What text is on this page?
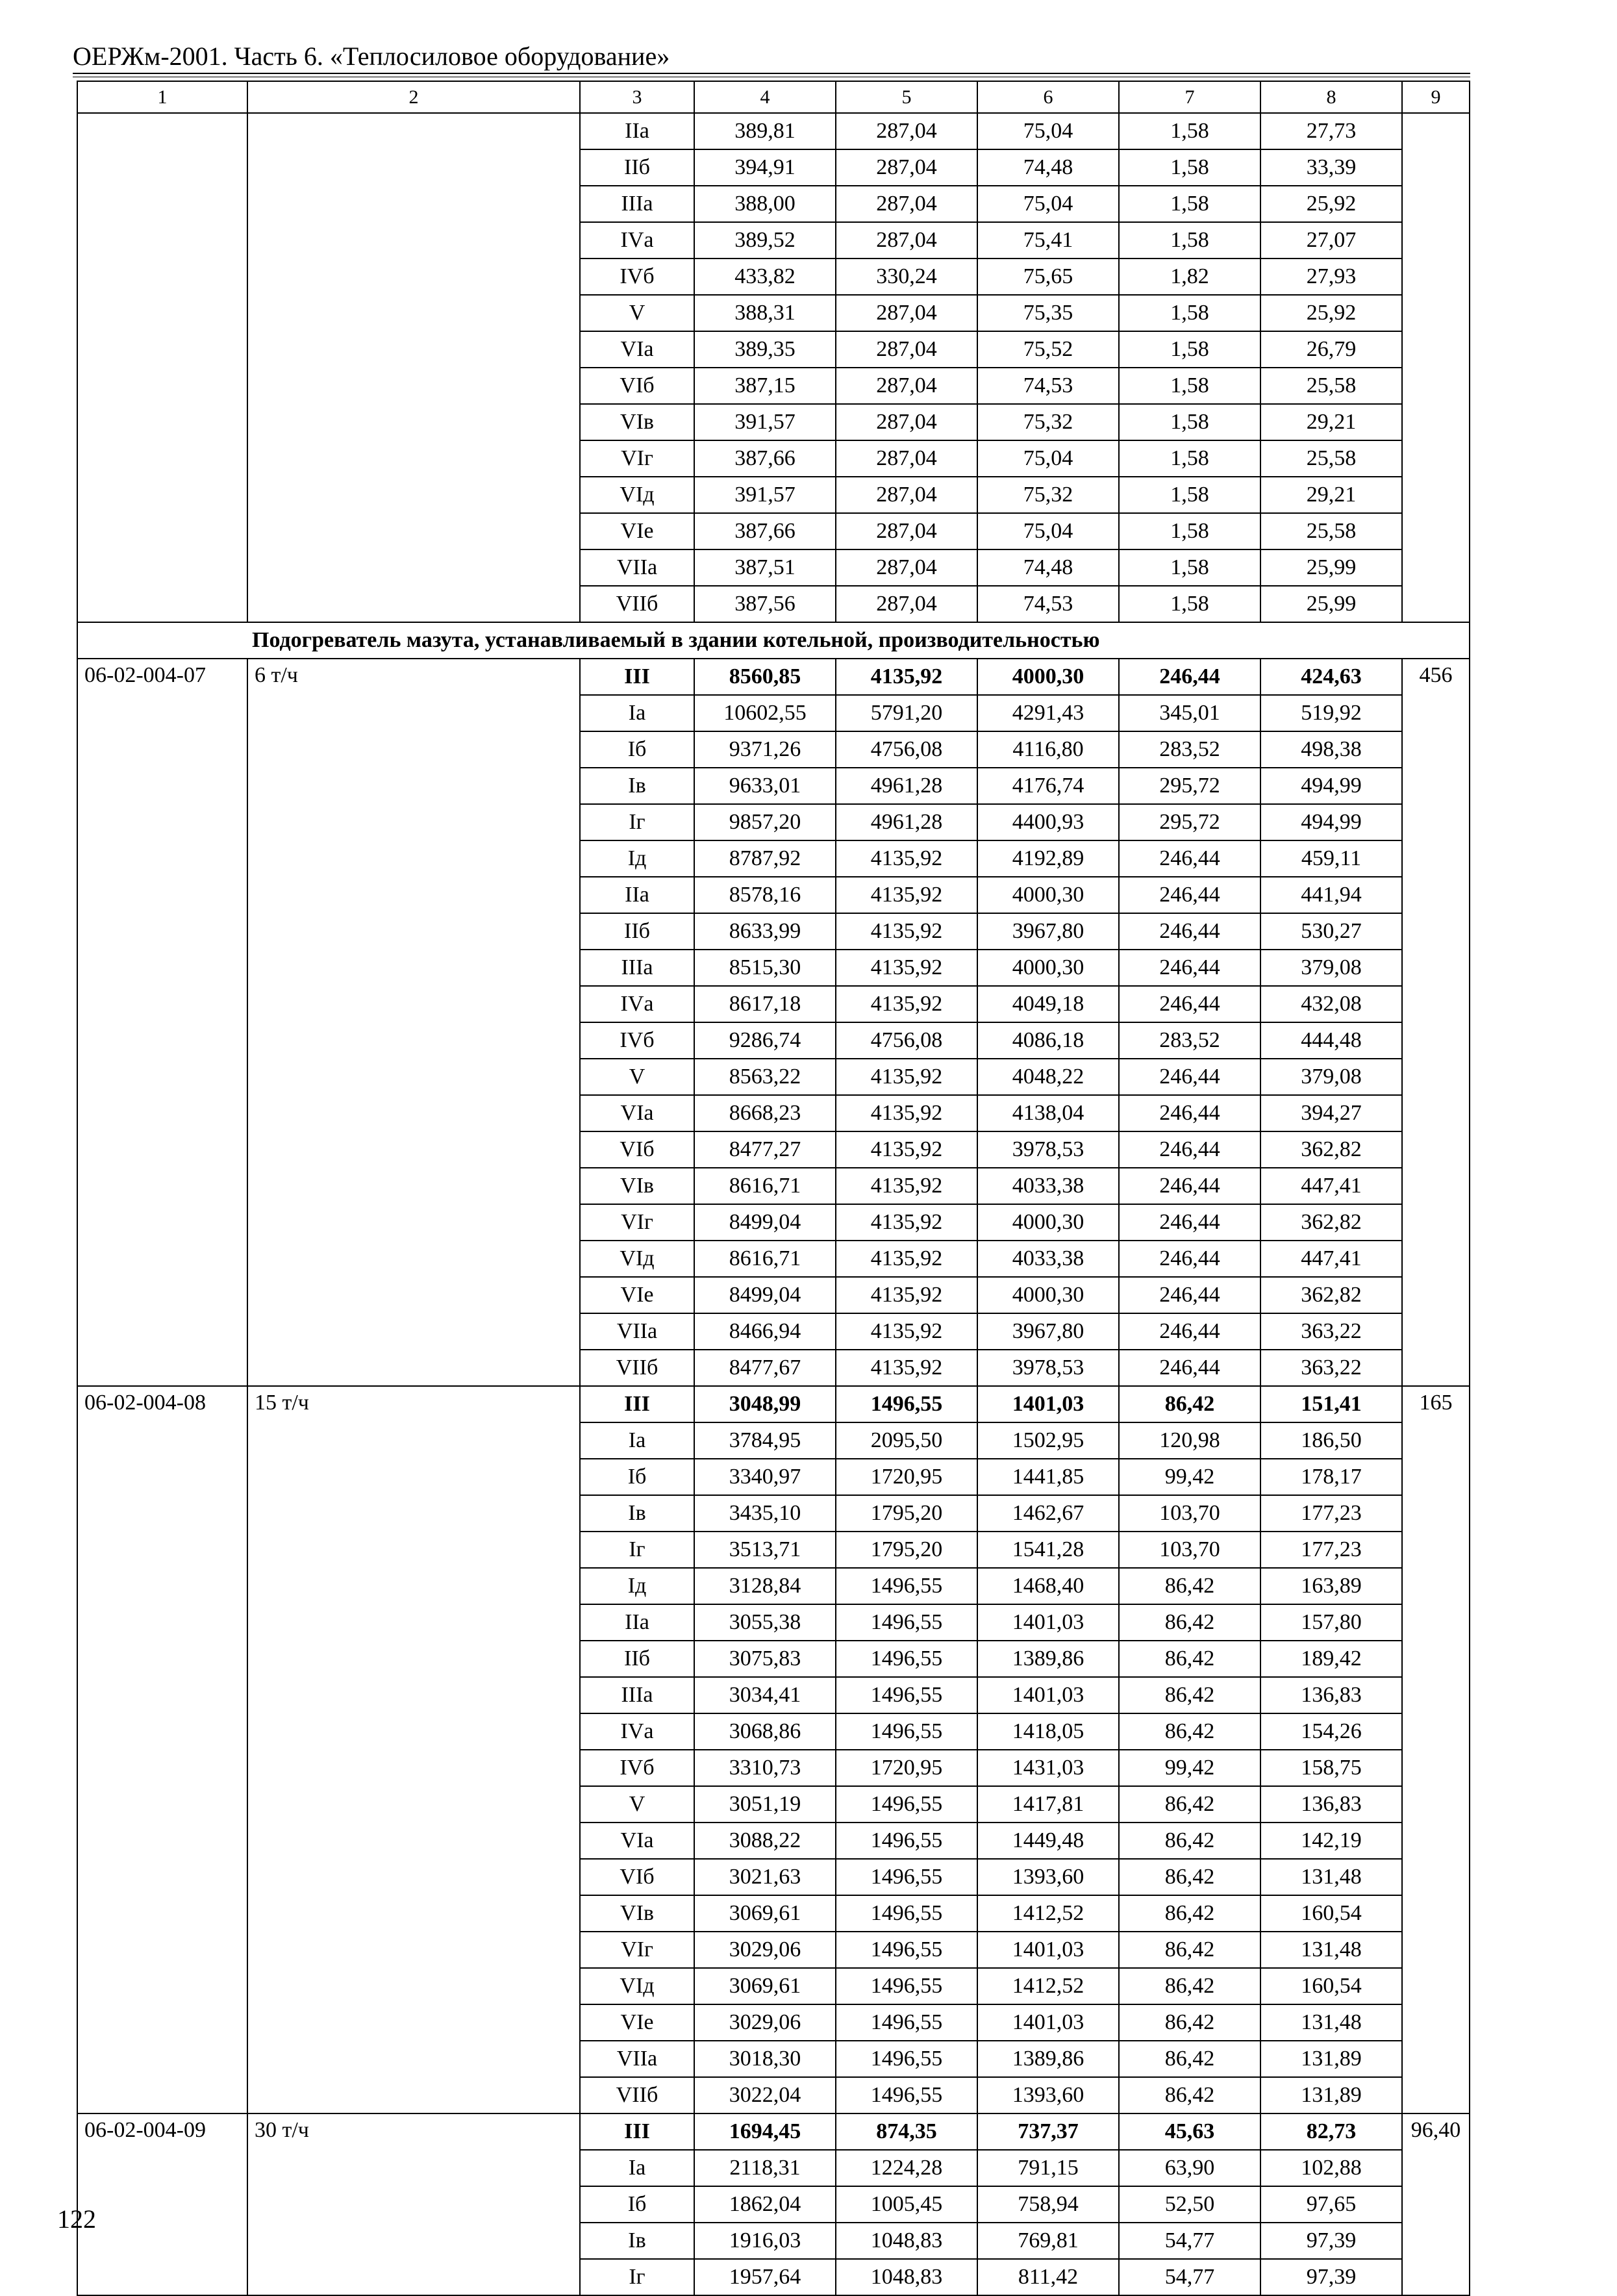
ОЕРЖм-2001. Часть 6. «Теплосиловое оборудование»
1	2	3	4	5	6	7	8	9
		IIа	389,81	287,04	75,04	1,58	27,73	
		IIб	394,91	287,04	74,48	1,58	33,39	
		IIIа	388,00	287,04	75,04	1,58	25,92	
		IVа	389,52	287,04	75,41	1,58	27,07	
		IVб	433,82	330,24	75,65	1,82	27,93	
		V	388,31	287,04	75,35	1,58	25,92	
		VIа	389,35	287,04	75,52	1,58	26,79	
		VIб	387,15	287,04	74,53	1,58	25,58	
		VIв	391,57	287,04	75,32	1,58	29,21	
		VIг	387,66	287,04	75,04	1,58	25,58	
		VIд	391,57	287,04	75,32	1,58	29,21	
		VIе	387,66	287,04	75,04	1,58	25,58	
		VIIа	387,51	287,04	74,48	1,58	25,99	
		VIIб	387,56	287,04	74,53	1,58	25,99	
Подогреватель мазута, устанавливаемый в здании котельной, производительностью								
06-02-004-07	6 т/ч	III	8560,85	4135,92	4000,30	246,44	424,63	456
		Iа	10602,55	5791,20	4291,43	345,01	519,92	
		Iб	9371,26	4756,08	4116,80	283,52	498,38	
		Iв	9633,01	4961,28	4176,74	295,72	494,99	
		Iг	9857,20	4961,28	4400,93	295,72	494,99	
		Iд	8787,92	4135,92	4192,89	246,44	459,11	
		IIа	8578,16	4135,92	4000,30	246,44	441,94	
		IIб	8633,99	4135,92	3967,80	246,44	530,27	
		IIIа	8515,30	4135,92	4000,30	246,44	379,08	
		IVа	8617,18	4135,92	4049,18	246,44	432,08	
		IVб	9286,74	4756,08	4086,18	283,52	444,48	
		V	8563,22	4135,92	4048,22	246,44	379,08	
		VIа	8668,23	4135,92	4138,04	246,44	394,27	
		VIб	8477,27	4135,92	3978,53	246,44	362,82	
		VIв	8616,71	4135,92	4033,38	246,44	447,41	
		VIг	8499,04	4135,92	4000,30	246,44	362,82	
		VIд	8616,71	4135,92	4033,38	246,44	447,41	
		VIе	8499,04	4135,92	4000,30	246,44	362,82	
		VIIа	8466,94	4135,92	3967,80	246,44	363,22	
		VIIб	8477,67	4135,92	3978,53	246,44	363,22	
06-02-004-08	15 т/ч	III	3048,99	1496,55	1401,03	86,42	151,41	165
		Iа	3784,95	2095,50	1502,95	120,98	186,50	
		Iб	3340,97	1720,95	1441,85	99,42	178,17	
		Iв	3435,10	1795,20	1462,67	103,70	177,23	
		Iг	3513,71	1795,20	1541,28	103,70	177,23	
		Iд	3128,84	1496,55	1468,40	86,42	163,89	
		IIа	3055,38	1496,55	1401,03	86,42	157,80	
		IIб	3075,83	1496,55	1389,86	86,42	189,42	
		IIIа	3034,41	1496,55	1401,03	86,42	136,83	
		IVа	3068,86	1496,55	1418,05	86,42	154,26	
		IVб	3310,73	1720,95	1431,03	99,42	158,75	
		V	3051,19	1496,55	1417,81	86,42	136,83	
		VIа	3088,22	1496,55	1449,48	86,42	142,19	
		VIб	3021,63	1496,55	1393,60	86,42	131,48	
		VIв	3069,61	1496,55	1412,52	86,42	160,54	
		VIг	3029,06	1496,55	1401,03	86,42	131,48	
		VIд	3069,61	1496,55	1412,52	86,42	160,54	
		VIе	3029,06	1496,55	1401,03	86,42	131,48	
		VIIа	3018,30	1496,55	1389,86	86,42	131,89	
		VIIб	3022,04	1496,55	1393,60	86,42	131,89	
06-02-004-09	30 т/ч	III	1694,45	874,35	737,37	45,63	82,73	96,40
		Iа	2118,31	1224,28	791,15	63,90	102,88	
		Iб	1862,04	1005,45	758,94	52,50	97,65	
		Iв	1916,03	1048,83	769,81	54,77	97,39	
		Iг	1957,64	1048,83	811,42	54,77	97,39	
122
